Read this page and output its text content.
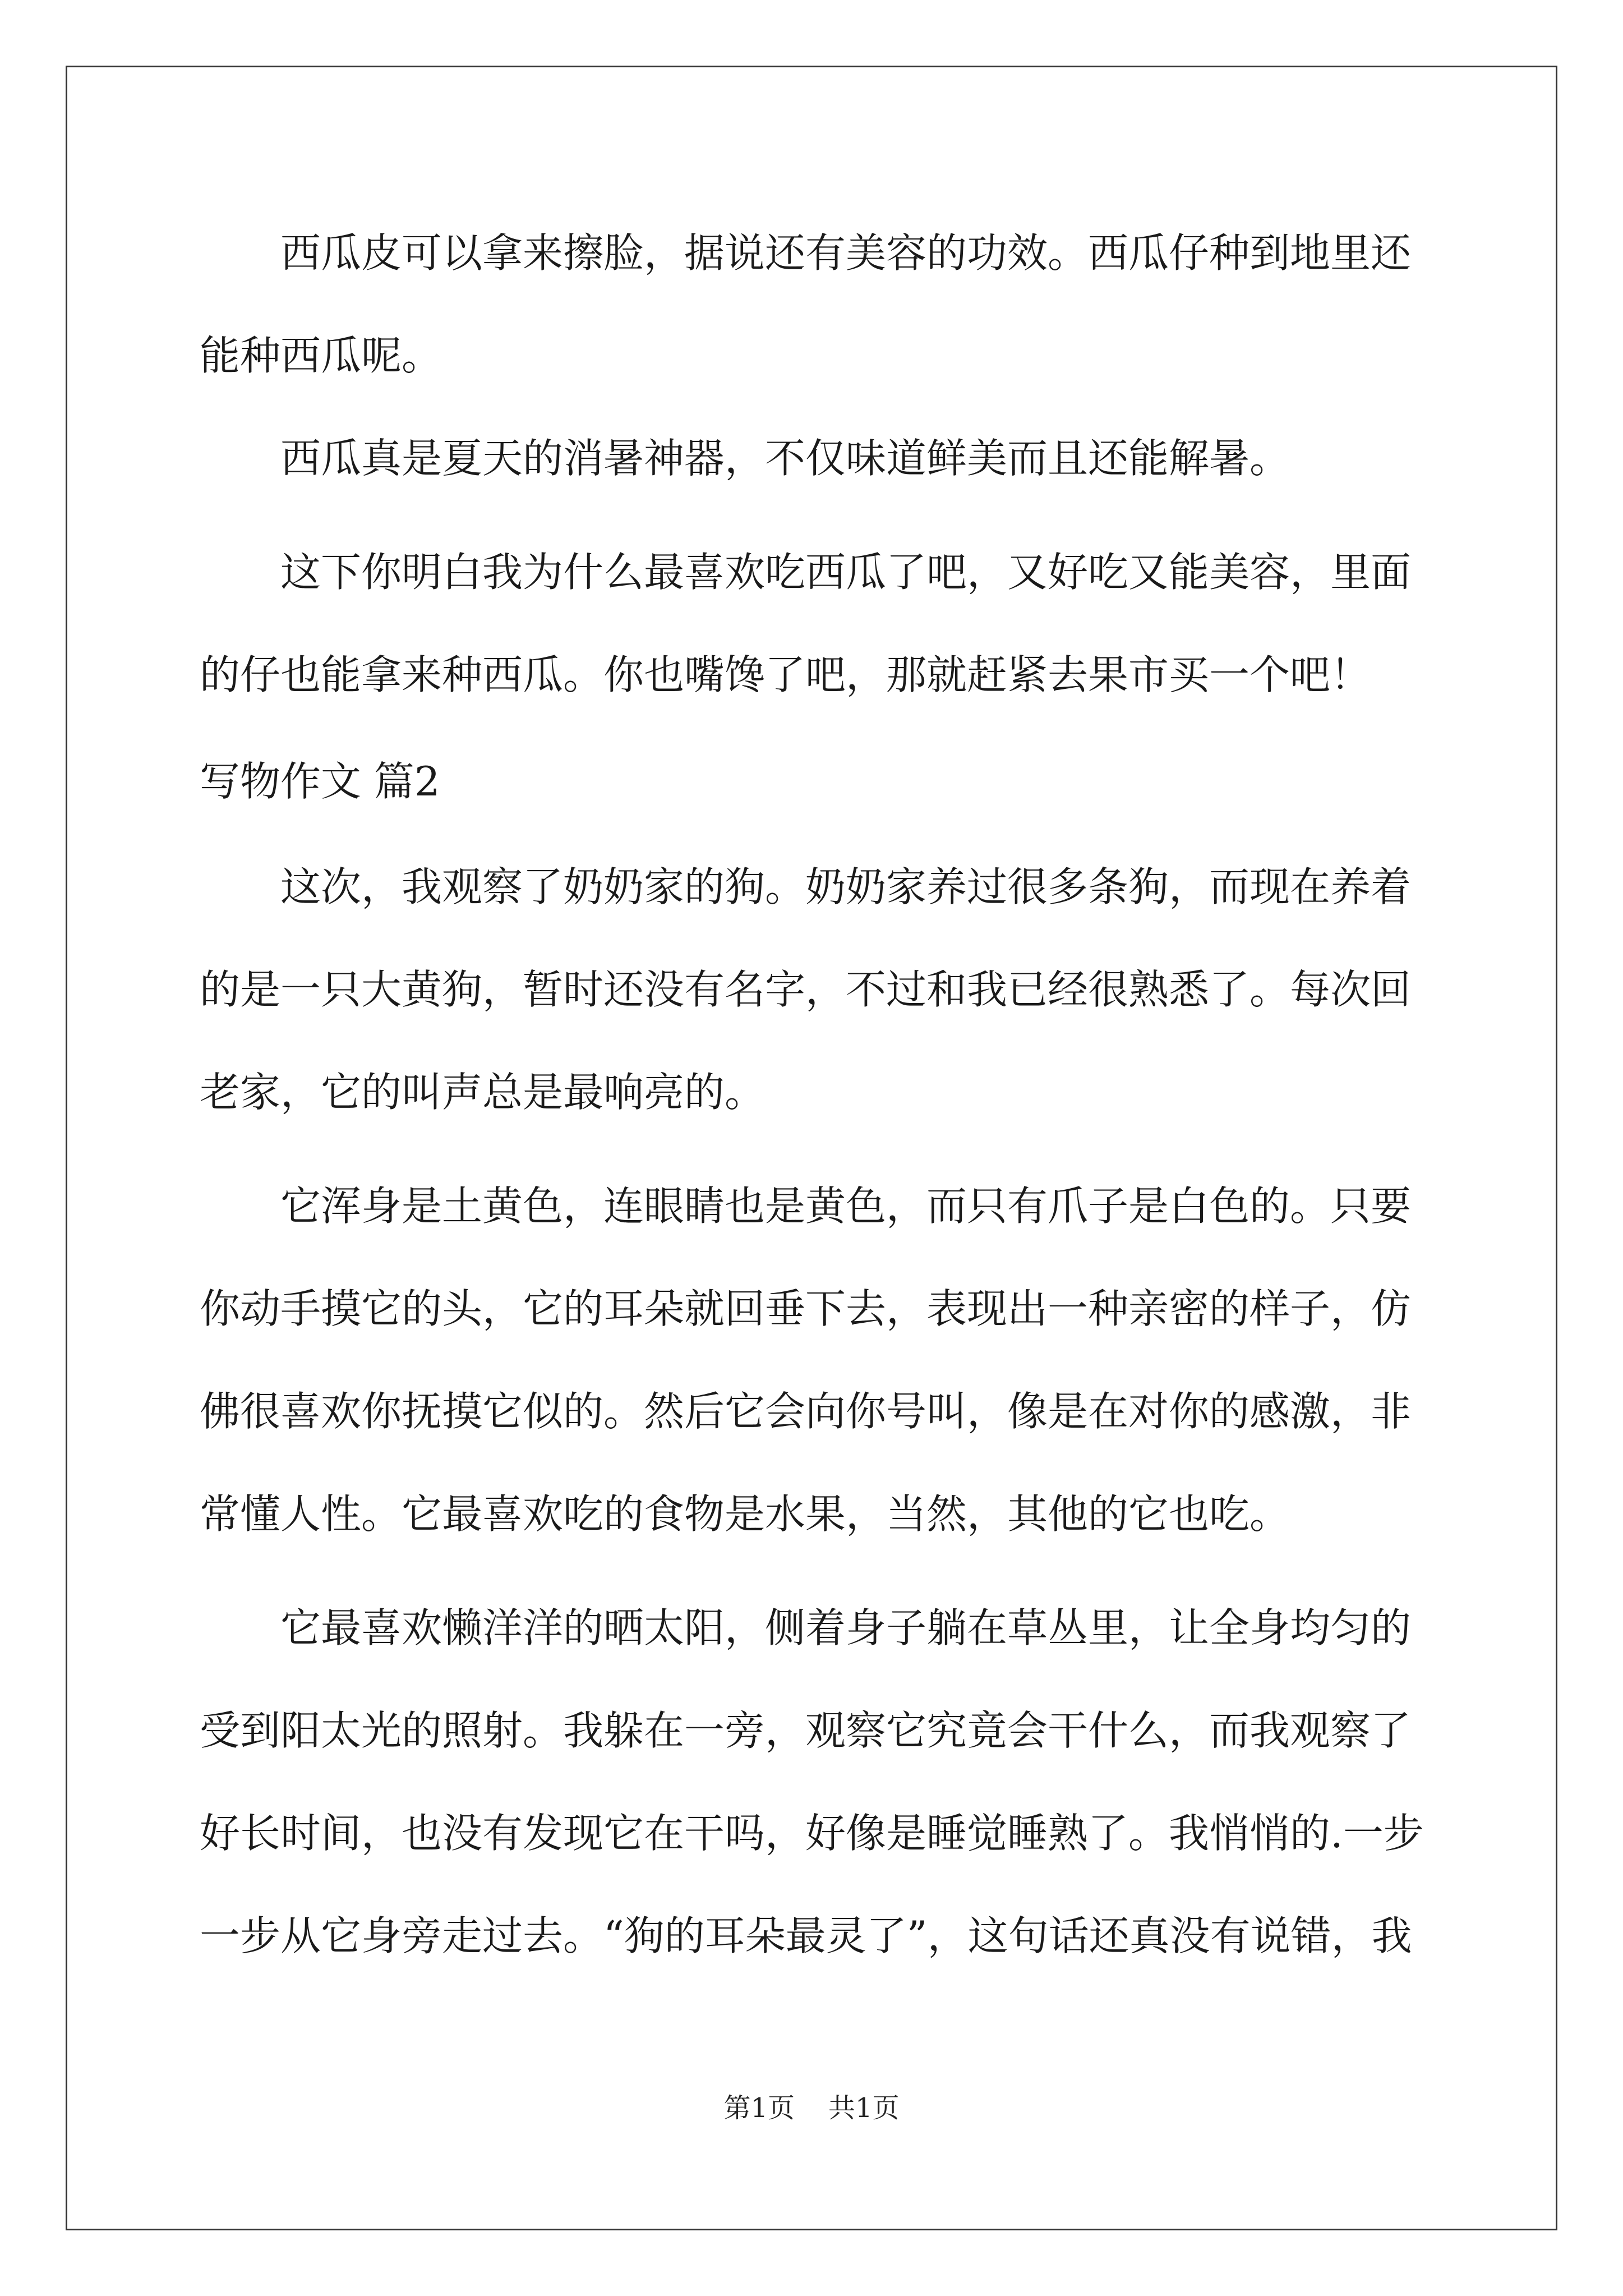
　　西瓜皮可以拿来擦脸，据说还有美容的功效。西瓜仔种到地里还
能种西瓜呢。
　　西瓜真是夏天的消暑神器，不仅味道鲜美而且还能解暑。
　　这下你明白我为什么最喜欢吃西瓜了吧，又好吃又能美容，里面
的仔也能拿来种西瓜。你也嘴馋了吧，那就赶紧去果市买一个吧！
写物作文 篇2
　　这次，我观察了奶奶家的狗。奶奶家养过很多条狗，而现在养着
的是一只大黄狗，暂时还没有名字，不过和我已经很熟悉了。每次回
老家，它的叫声总是最响亮的。
　　它浑身是土黄色，连眼睛也是黄色，而只有爪子是白色的。只要
你动手摸它的头，它的耳朵就回垂下去，表现出一种亲密的样子，仿
佛很喜欢你抚摸它似的。然后它会向你号叫，像是在对你的感激，非
常懂人性。它最喜欢吃的食物是水果，当然，其他的它也吃。
　　它最喜欢懒洋洋的晒太阳，侧着身子躺在草丛里，让全身均匀的
受到阳太光的照射。我躲在一旁，观察它究竟会干什么，而我观察了
好长时间，也没有发现它在干吗，好像是睡觉睡熟了。我悄悄的.一步
一步从它身旁走过去。“狗的耳朵最灵了”，这句话还真没有说错，我
第1页 共1页
